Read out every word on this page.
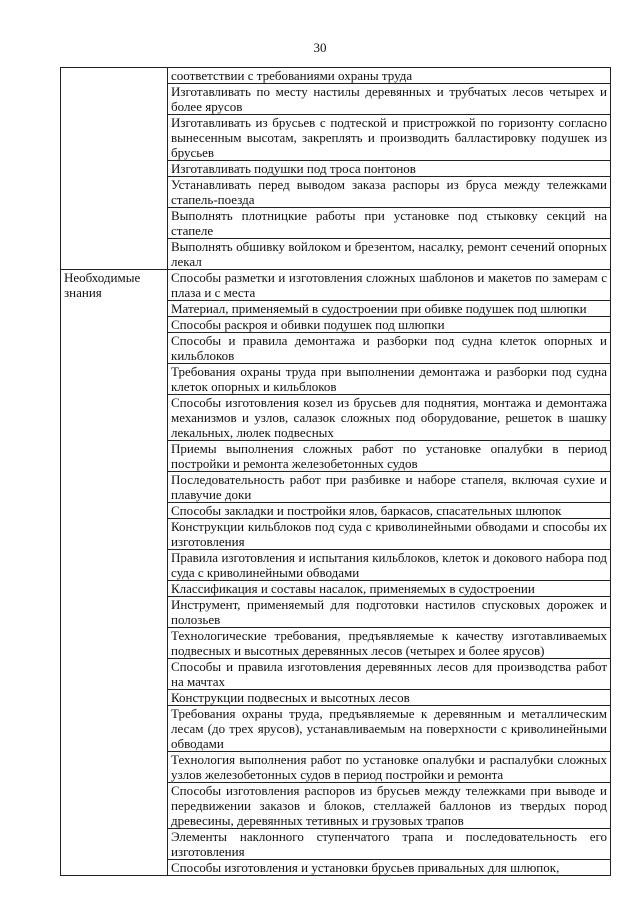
30
	соответствии с требованиями охраны труда
	Изготавливать по месту настилы деревянных и трубчатых лесов четырех и более ярусов
	Изготавливать из брусьев с подтеской и пристрожкой по горизонту согласно вынесенным высотам, закреплять и производить балластировку подушек из брусьев
	Изготавливать подушки под троса понтонов
	Устанавливать перед выводом заказа распоры из бруса между тележками стапель-поезда
	Выполнять плотницкие работы при установке под стыковку секций на стапеле
	Выполнять обшивку войлоком и брезентом, насалку, ремонт сечений опорных лекал
Необходимые знания	Способы разметки и изготовления сложных шаблонов и макетов по замерам с плаза и с места
	Материал, применяемый в судостроении при обивке подушек под шлюпки
	Способы раскроя и обивки подушек под шлюпки
	Способы и правила демонтажа и разборки под судна клеток опорных и кильблоков
	Требования охраны труда при выполнении демонтажа и разборки под судна клеток опорных и кильблоков
	Способы изготовления козел из брусьев для поднятия, монтажа и демонтажа механизмов и узлов, салазок сложных под оборудование, решеток в шашку лекальных, люлек подвесных
	Приемы выполнения сложных работ по установке опалубки в период постройки и ремонта железобетонных судов
	Последовательность работ при разбивке и наборе стапеля, включая сухие и плавучие доки
	Способы закладки и постройки ялов, баркасов, спасательных шлюпок
	Конструкции кильблоков под суда с криволинейными обводами и способы их изготовления
	Правила изготовления и испытания кильблоков, клеток и докового набора под суда с криволинейными обводами
	Классификация и составы насалок, применяемых в судостроении
	Инструмент, применяемый для подготовки настилов спусковых дорожек и полозьев
	Технологические требования, предъявляемые к качеству изготавливаемых подвесных и высотных деревянных лесов (четырех и более ярусов)
	Способы и правила изготовления деревянных лесов для производства работ на мачтах
	Конструкции подвесных и высотных лесов
	Требования охраны труда, предъявляемые к деревянным и металлическим лесам (до трех ярусов), устанавливаемым на поверхности с криволинейными обводами
	Технология выполнения работ по установке опалубки и распалубки сложных узлов железобетонных судов в период постройки и ремонта
	Способы изготовления распоров из брусьев между тележками при выводе и передвижении заказов и блоков, стеллажей баллонов из твердых пород древесины, деревянных тетивных и грузовых трапов
	Элементы наклонного ступенчатого трапа и последовательность его изготовления
	Способы изготовления и установки брусьев привальных для шлюпок,
